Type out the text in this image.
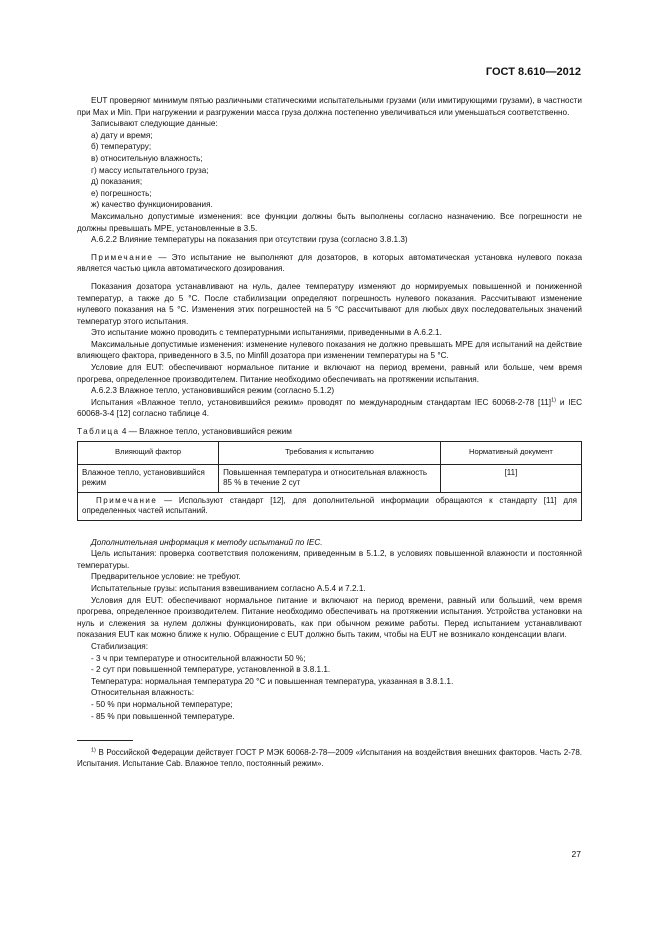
ГОСТ 8.610—2012

EUT проверяют минимум пятью различными статическими испытательными грузами (или имитирующими грузами), в частности при Max и Min. При нагружении и разгружении масса груза должна постепенно увеличиваться или уменьшаться соответственно.

Записывают следующие данные:

а) дату и время;

б) температуру;

в) относительную влажность;

г) массу испытательного груза;

д) показания;

е) погрешность;

ж) качество функционирования.

Максимально допустимые изменения: все функции должны быть выполнены согласно назначению. Все погрешности не должны превышать МРЕ, установленные в 3.5.

А.6.2.2 Влияние температуры на показания при отсутствии груза (согласно 3.8.1.3)

Примечание — Это испытание не выполняют для дозаторов, в которых автоматическая установка нулевого показа является частью цикла автоматического дозирования.

Показания дозатора устанавливают на нуль, далее температуру изменяют до нормируемых повышенной и пониженной температур, а также до 5 °C. После стабилизации определяют погрешность нулевого показания. Рассчитывают изменение нулевого показания на 5 °C. Изменения этих погрешностей на 5 °C рассчитывают для любых двух последовательных значений температур этого испытания.

Это испытание можно проводить с температурными испытаниями, приведенными в А.6.2.1.

Максимальные допустимые изменения: изменение нулевого показания не должно превышать МРЕ для испытаний на действие влияющего фактора, приведенного в 3.5, по Minfill дозатора при изменении температуры на 5 °C.

Условие для EUT: обеспечивают нормальное питание и включают на период времени, равный или больше, чем время прогрева, определенное производителем. Питание необходимо обеспечивать на протяжении испытания.

А.6.2.3 Влажное тепло, установившийся режим (согласно 5.1.2)

Испытания «Влажное тепло, установившийся режим» проводят по международным стандартам IEC 60068-2-78 $[11]^{1)}$ и IEC 60068-3-4 [12] согласно таблице 4.

Таблица 4 — Влажное тепло, установившийся режим

Влияющий фактор	Требования к испытанию	Нормативный документ
Влажное тепло, установившийся режим	Повышенная температура и относительная влажность 85 % в течение 2 сут	[11]
Примечание — Используют стандарт [12], для дополнительной информации обращаются к стандарту [11] для определенных частей испытаний.		

Дополнительная информация к методу испытаний по IEC.

Цель испытания: проверка соответствия положениям, приведенным в 5.1.2, в условиях повышенной влажности и постоянной температуры.

Предварительное условие: не требуют.

Испытательные грузы: испытания взвешиванием согласно А.5.4 и 7.2.1.

Условия для EUT: обеспечивают нормальное питание и включают на период времени, равный или больший, чем время прогрева, определенное производителем. Питание необходимо обеспечивать на протяжении испытания. Устройства установки на нуль и слежения за нулем должны функционировать, как при обычном режиме работы. Перед испытанием устанавливают показания EUT как можно ближе к нулю. Обращение с EUT должно быть таким, чтобы на EUT не возникало конденсации влаги.

Стабилизация:

- 3 ч при температуре и относительной влажности 50 %;

- 2 сут при повышенной температуре, установленной в 3.8.1.1.

Температура: нормальная температура 20 °C и повышенная температура, указанная в 3.8.1.1.

Относительная влажность:

- 50 % при нормальной температуре;

- 85 % при повышенной температуре.

$^{1)}$ В Российской Федерации действует ГОСТ Р МЭК 60068-2-78—2009 «Испытания на воздействия внешних факторов. Часть 2-78. Испытания. Испытание Cab. Влажное тепло, постоянный режим».

27
